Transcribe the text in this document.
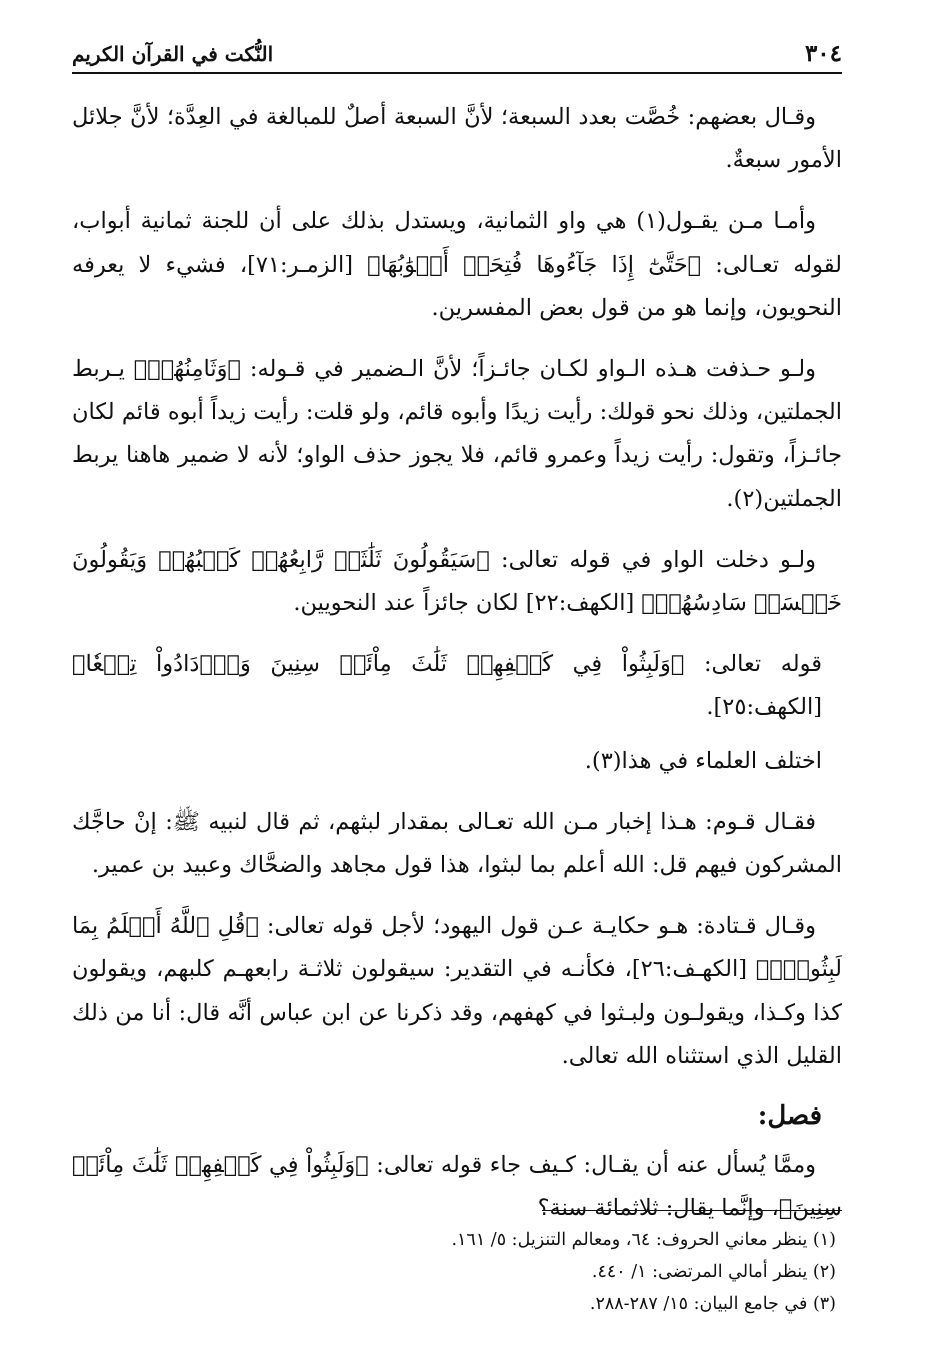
٣٠٤
النُّكت في القرآن الكريم

وقـال بعضهم: خُصَّت بعدد السبعة؛ لأنَّ السبعة أصلٌ للمبالغة في العِدَّة؛ لأنَّ جلائل الأمور سبعةٌ.

وأمـا مـن يقـول(١) هي واو الثمانية، ويستدل بذلك على أن للجنة ثمانية أبواب، لقوله تعـالى: ﴿حَتَّىٰٓ إِذَا جَآءُوهَا فُتِحَتۡ أَبۡوَٰبُهَا﴾ [الزمـر:٧١]، فشيء لا يعرفه النحويون، وإنما هو من قول بعض المفسرين.

ولـو حـذفت هـذه الـواو لكـان جائـزاً؛ لأنَّ الـضمير في قـوله: ﴿وَثَامِنُهُمۡ﴾ يـربط الجملتين، وذلك نحو قولك: رأيت زيدًا وأبوه قائم، ولو قلت: رأيت زيداً أبوه قائم لكان جائـزاً، وتقول: رأيت زيداً وعمرو قائم، فلا يجوز حذف الواو؛ لأنه لا ضمير هاهنا يربط الجملتين(٢).

ولـو دخلت الواو في قوله تعالى: ﴿سَيَقُولُونَ ثَلَٰثَةٞ رَّابِعُهُمۡ كَلۡبُهُمۡ وَيَقُولُونَ خَمۡسَةٞ سَادِسُهُمۡ﴾ [الكهف:٢٢] لكان جائزاً عند النحويين.

قوله تعالى: ﴿وَلَبِثُواْ فِي كَهۡفِهِمۡ ثَلَٰثَ مِاْئَةٖ سِنِينَ وَٱزۡدَادُواْ تِسۡعٗا﴾ [الكهف:٢٥].

اختلف العلماء في هذا(٣).

فقـال قـوم: هـذا إخبار مـن الله تعـالى بمقدار لبثهم، ثم قال لنبيه ﷺ: إنْ حاجَّك المشركون فيهم قل: الله أعلم بما لبثوا، هذا قول مجاهد والضحَّاك وعبيد بن عمير.

وقـال قـتادة: هـو حكايـة عـن قول اليهود؛ لأجل قوله تعالى: ﴿قُلِ ٱللَّهُ أَعۡلَمُ بِمَا لَبِثُواْۖ﴾ [الكهـف:٢٦]، فكأنـه في التقدير: سيقولون ثلاثـة رابعهـم كلبهم، ويقولون كذا وكـذا، ويقولـون ولبـثوا في كهفهم، وقد ذكرنا عن ابن عباس أنَّه قال: أنا من ذلك القليل الذي استثناه الله تعالى.

فصل:

وممَّا يُسأل عنه أن يقـال: كـيف جاء قوله تعالى: ﴿وَلَبِثُواْ فِي كَهۡفِهِمۡ ثَلَٰثَ مِاْئَةٖ سِنِينَ﴾، وإنَّما يقال: ثلاثمائة سنة؟

(١) ينظر معاني الحروف: ٦٤، ومعالم التنزيل: ٥/ ١٦١.
(٢) ينظر أمالي المرتضى: ١/ ٤٤٠.
(٣) في جامع البيان: ١٥/ ٢٨٧-٢٨٨.
